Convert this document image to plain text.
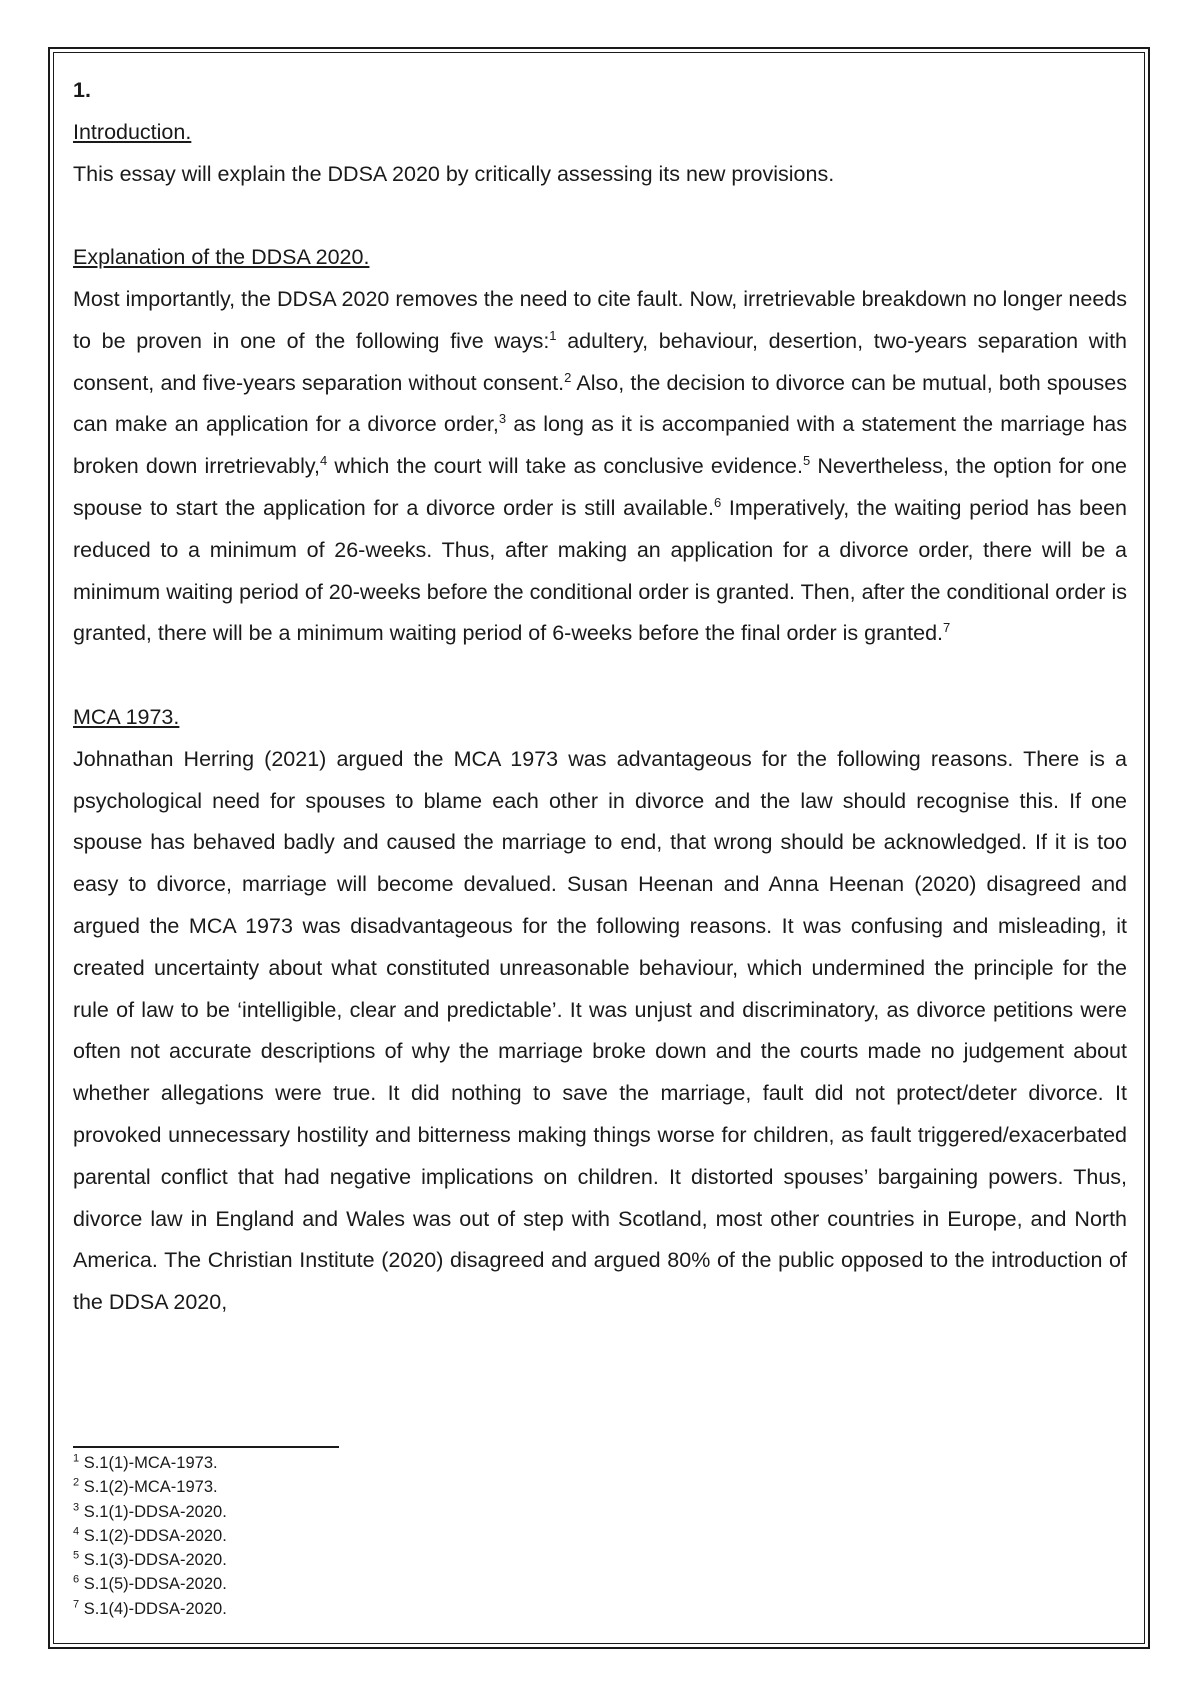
1.

Introduction.

This essay will explain the DDSA 2020 by critically assessing its new provisions.

Explanation of the DDSA 2020.

Most importantly, the DDSA 2020 removes the need to cite fault. Now, irretrievable breakdown no longer needs to be proven in one of the following five ways:$^1$ adultery, behaviour, desertion, two-years separation with consent, and five-years separation without consent.$^2$ Also, the decision to divorce can be mutual, both spouses can make an application for a divorce order,$^3$ as long as it is accompanied with a statement the marriage has broken down irretrievably,$^4$ which the court will take as conclusive evidence.$^5$ Nevertheless, the option for one spouse to start the application for a divorce order is still available.$^6$ Imperatively, the waiting period has been reduced to a minimum of 26-weeks. Thus, after making an application for a divorce order, there will be a minimum waiting period of 20-weeks before the conditional order is granted. Then, after the conditional order is granted, there will be a minimum waiting period of 6-weeks before the final order is granted.$^7$

MCA 1973.

Johnathan Herring (2021) argued the MCA 1973 was advantageous for the following reasons. There is a psychological need for spouses to blame each other in divorce and the law should recognise this. If one spouse has behaved badly and caused the marriage to end, that wrong should be acknowledged. If it is too easy to divorce, marriage will become devalued. Susan Heenan and Anna Heenan (2020) disagreed and argued the MCA 1973 was disadvantageous for the following reasons. It was confusing and misleading, it created uncertainty about what constituted unreasonable behaviour, which undermined the principle for the rule of law to be ‘intelligible, clear and predictable’. It was unjust and discriminatory, as divorce petitions were often not accurate descriptions of why the marriage broke down and the courts made no judgement about whether allegations were true. It did nothing to save the marriage, fault did not protect/deter divorce. It provoked unnecessary hostility and bitterness making things worse for children, as fault triggered/exacerbated parental conflict that had negative implications on children. It distorted spouses’ bargaining powers. Thus, divorce law in England and Wales was out of step with Scotland, most other countries in Europe, and North America. The Christian Institute (2020) disagreed and argued 80% of the public opposed to the introduction of the DDSA 2020,

$^1$ S.1(1)-MCA-1973.
$^2$ S.1(2)-MCA-1973.
$^3$ S.1(1)-DDSA-2020.
$^4$ S.1(2)-DDSA-2020.
$^5$ S.1(3)-DDSA-2020.
$^6$ S.1(5)-DDSA-2020.
$^7$ S.1(4)-DDSA-2020.
